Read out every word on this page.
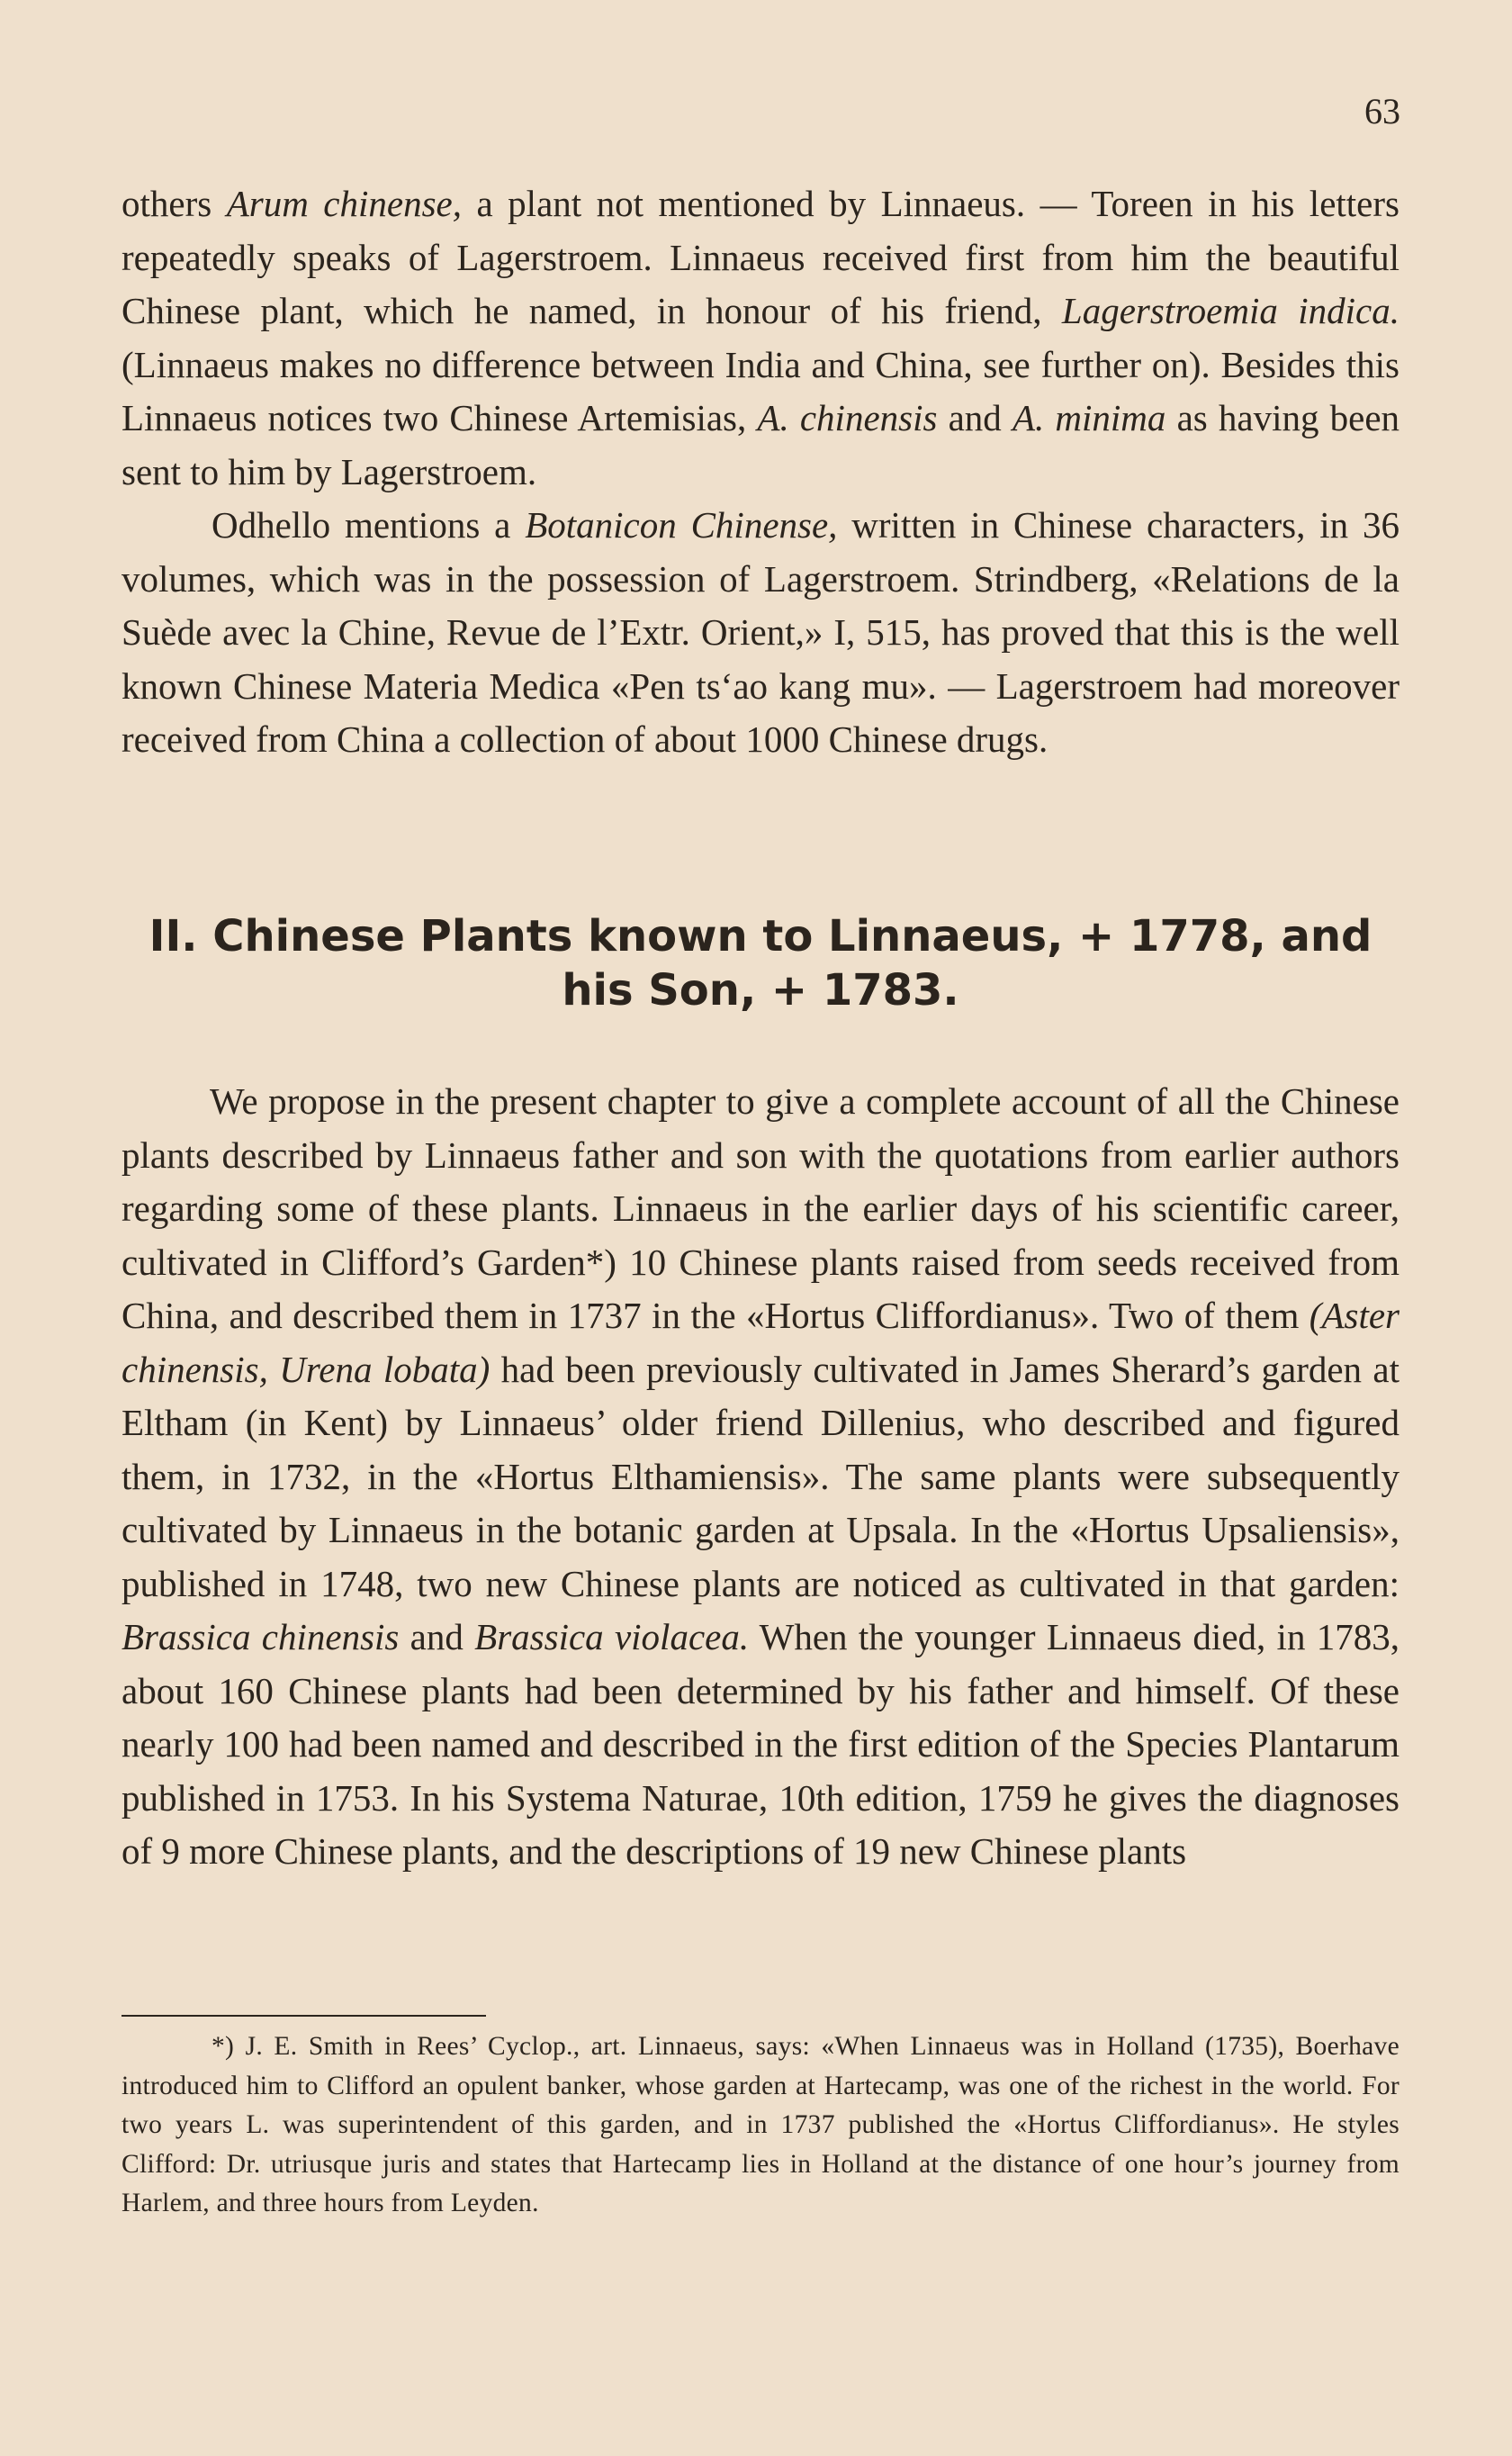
63

others Arum chinense, a plant not mentioned by Linnaeus. — Toreen in his letters repeatedly speaks of Lagerstroem. Linnaeus received first from him the beautiful Chinese plant, which he named, in honour of his friend, Lagerstroemia indica. (Linnaeus makes no difference between India and China, see further on). Besides this Linnaeus notices two Chinese Artemisias, A. chinensis and A. minima as having been sent to him by Lagerstroem.

Odhello mentions a Botanicon Chinense, written in Chinese characters, in 36 volumes, which was in the possession of Lagerstroem. Strindberg, «Relations de la Suède avec la Chine, Revue de l’Extr. Orient,» I, 515, has proved that this is the well known Chinese Materia Medica «Pen ts‘ao kang mu». — Lagerstroem had moreover received from China a collection of about 1000 Chinese drugs.

II. Chinese Plants known to Linnaeus, + 1778, and
his Son, + 1783.

We propose in the present chapter to give a complete account of all the Chinese plants described by Linnaeus father and son with the quotations from earlier authors regarding some of these plants. Linnaeus in the earlier days of his scientific career, cultivated in Clifford’s Garden*) 10 Chinese plants raised from seeds received from China, and described them in 1737 in the «Hortus Cliffordianus». Two of them (Aster chinensis, Urena lobata) had been previously cultivated in James Sherard’s garden at Eltham (in Kent) by Linnaeus’ older friend Dillenius, who described and figured them, in 1732, in the «Hortus Elthamiensis». The same plants were subsequently cultivated by Linnaeus in the botanic garden at Upsala. In the «Hortus Upsaliensis», published in 1748, two new Chinese plants are noticed as cultivated in that garden: Brassica chinensis and Brassica violacea. When the younger Linnaeus died, in 1783, about 160 Chinese plants had been determined by his father and himself. Of these nearly 100 had been named and described in the first edition of the Species Plantarum published in 1753. In his Systema Naturae, 10th edition, 1759 he gives the diagnoses of 9 more Chinese plants, and the descriptions of 19 new Chinese plants

*) J. E. Smith in Rees’ Cyclop., art. Linnaeus, says: «When Linnaeus was in Holland (1735), Boerhave introduced him to Clifford an opulent banker, whose garden at Hartecamp, was one of the richest in the world. For two years L. was superintendent of this garden, and in 1737 published the «Hortus Cliffordianus». He styles Clifford: Dr. utriusque juris and states that Hartecamp lies in Holland at the distance of one hour’s journey from Harlem, and three hours from Leyden.
